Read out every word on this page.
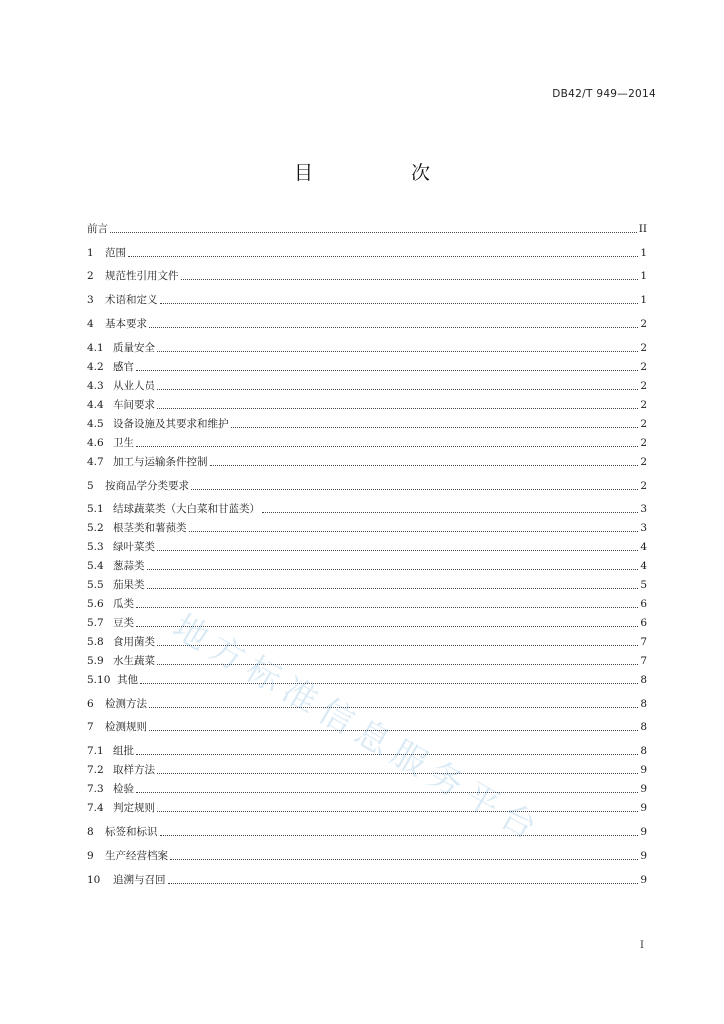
DB42/T 949—2014
目 次
地方标准信息服务平台
前言	II
1	范围	1
2	规范性引用文件	1
3	术语和定义	1
4	基本要求	2
4.1 质量安全	2
4.2 感官	2
4.3 从业人员	2
4.4 车间要求	2
4.5 设备设施及其要求和维护	2
4.6 卫生	2
4.7 加工与运输条件控制	2
5	按商品学分类要求	2
5.1 结球蔬菜类（大白菜和甘蓝类）	3
5.2 根茎类和薯蓣类	3
5.3 绿叶菜类	4
5.4 葱蒜类	4
5.5 茄果类	5
5.6 瓜类	6
5.7 豆类	6
5.8 食用菌类	7
5.9 水生蔬菜	7
5.10 其他	8
6	检测方法	8
7	检测规则	8
7.1 组批	8
7.2 取样方法	9
7.3 检验	9
7.4 判定规则	9
8	标签和标识	9
9	生产经营档案	9
10	追溯与召回	9
I
